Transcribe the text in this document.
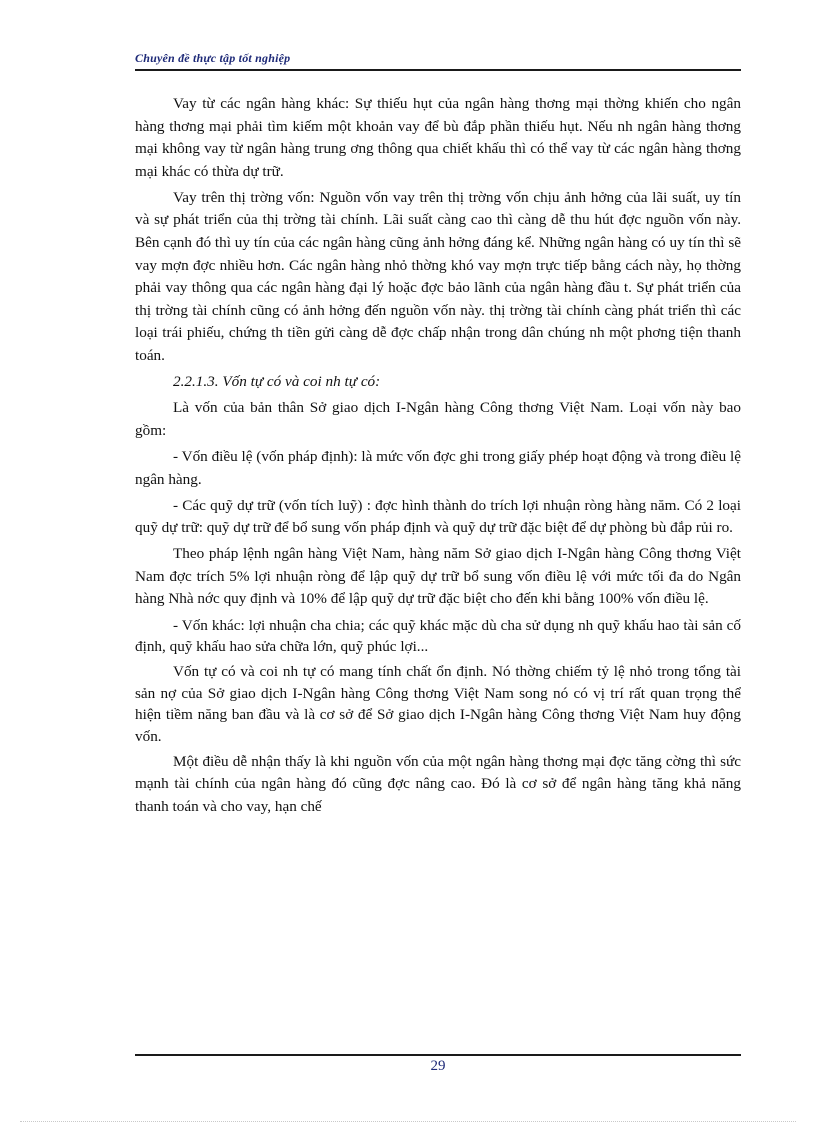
Chuyên đề thực tập tốt nghiệp

Vay từ các ngân hàng khác: Sự thiếu hụt của ngân hàng thơng mại thờng khiến cho ngân hàng thơng mại phải tìm kiếm một khoản vay để bù đắp phần thiếu hụt. Nếu nh ngân hàng thơng mại không vay từ ngân hàng trung ơng thông qua chiết khấu thì có thể vay từ các ngân hàng thơng mại khác có thừa dự trữ.

Vay trên thị trờng vốn: Nguồn vốn vay trên thị trờng vốn chịu ảnh hởng của lãi suất, uy tín và sự phát triển của thị trờng tài chính. Lãi suất càng cao thì càng dễ thu hút đợc nguồn vốn này. Bên cạnh đó thì uy tín của các ngân hàng cũng ảnh hởng đáng kể. Những ngân hàng có uy tín thì sẽ vay mợn đợc nhiều hơn. Các ngân hàng nhỏ thờng khó vay mợn trực tiếp bằng cách này, họ thờng phải vay thông qua các ngân hàng đại lý hoặc đợc bảo lãnh của ngân hàng đầu t. Sự phát triển của thị trờng tài chính cũng có ảnh hởng đến nguồn vốn này. thị trờng tài chính càng phát triển thì các loại trái phiếu, chứng th tiền gửi càng dễ đợc chấp nhận trong dân chúng nh một phơng tiện thanh toán.

2.2.1.3. Vốn tự có và coi nh tự có:

Là vốn của bản thân Sở giao dịch I-Ngân hàng Công thơng Việt Nam. Loại vốn này bao gồm:

- Vốn điều lệ (vốn pháp định): là mức vốn đợc ghi trong giấy phép hoạt động và trong điều lệ ngân hàng.

- Các quỹ dự trữ (vốn tích luỹ) : đợc hình thành do trích lợi nhuận ròng hàng năm. Có 2 loại quỹ dự trữ: quỹ dự trữ để bổ sung vốn pháp định và quỹ dự trữ đặc biệt để dự phòng bù đắp rủi ro.

Theo pháp lệnh ngân hàng Việt Nam, hàng năm Sở giao dịch I-Ngân hàng Công thơng Việt Nam đợc trích 5% lợi nhuận ròng để lập quỹ dự trữ bổ sung vốn điều lệ với mức tối đa do Ngân hàng Nhà nớc quy định và 10% để lập quỹ dự trữ đặc biệt cho đến khi bằng 100% vốn điều lệ.

- Vốn khác: lợi nhuận cha chia; các quỹ khác mặc dù cha sử dụng nh quỹ khấu hao tài sản cố định, quỹ khấu hao sửa chữa lớn, quỹ phúc lợi...

Vốn tự có và coi nh tự có mang tính chất ổn định. Nó thờng chiếm tỷ lệ nhỏ trong tổng tài sản nợ của Sở giao dịch I-Ngân hàng Công thơng Việt Nam song nó có vị trí rất quan trọng thể hiện tiềm năng ban đầu và là cơ sở để Sở giao dịch I-Ngân hàng Công thơng Việt Nam huy động vốn.

Một điều dễ nhận thấy là khi nguồn vốn của một ngân hàng thơng mại đợc tăng cờng thì sức mạnh tài chính của ngân hàng đó cũng đợc nâng cao. Đó là cơ sở để ngân hàng tăng khả năng thanh toán và cho vay, hạn chế

29
